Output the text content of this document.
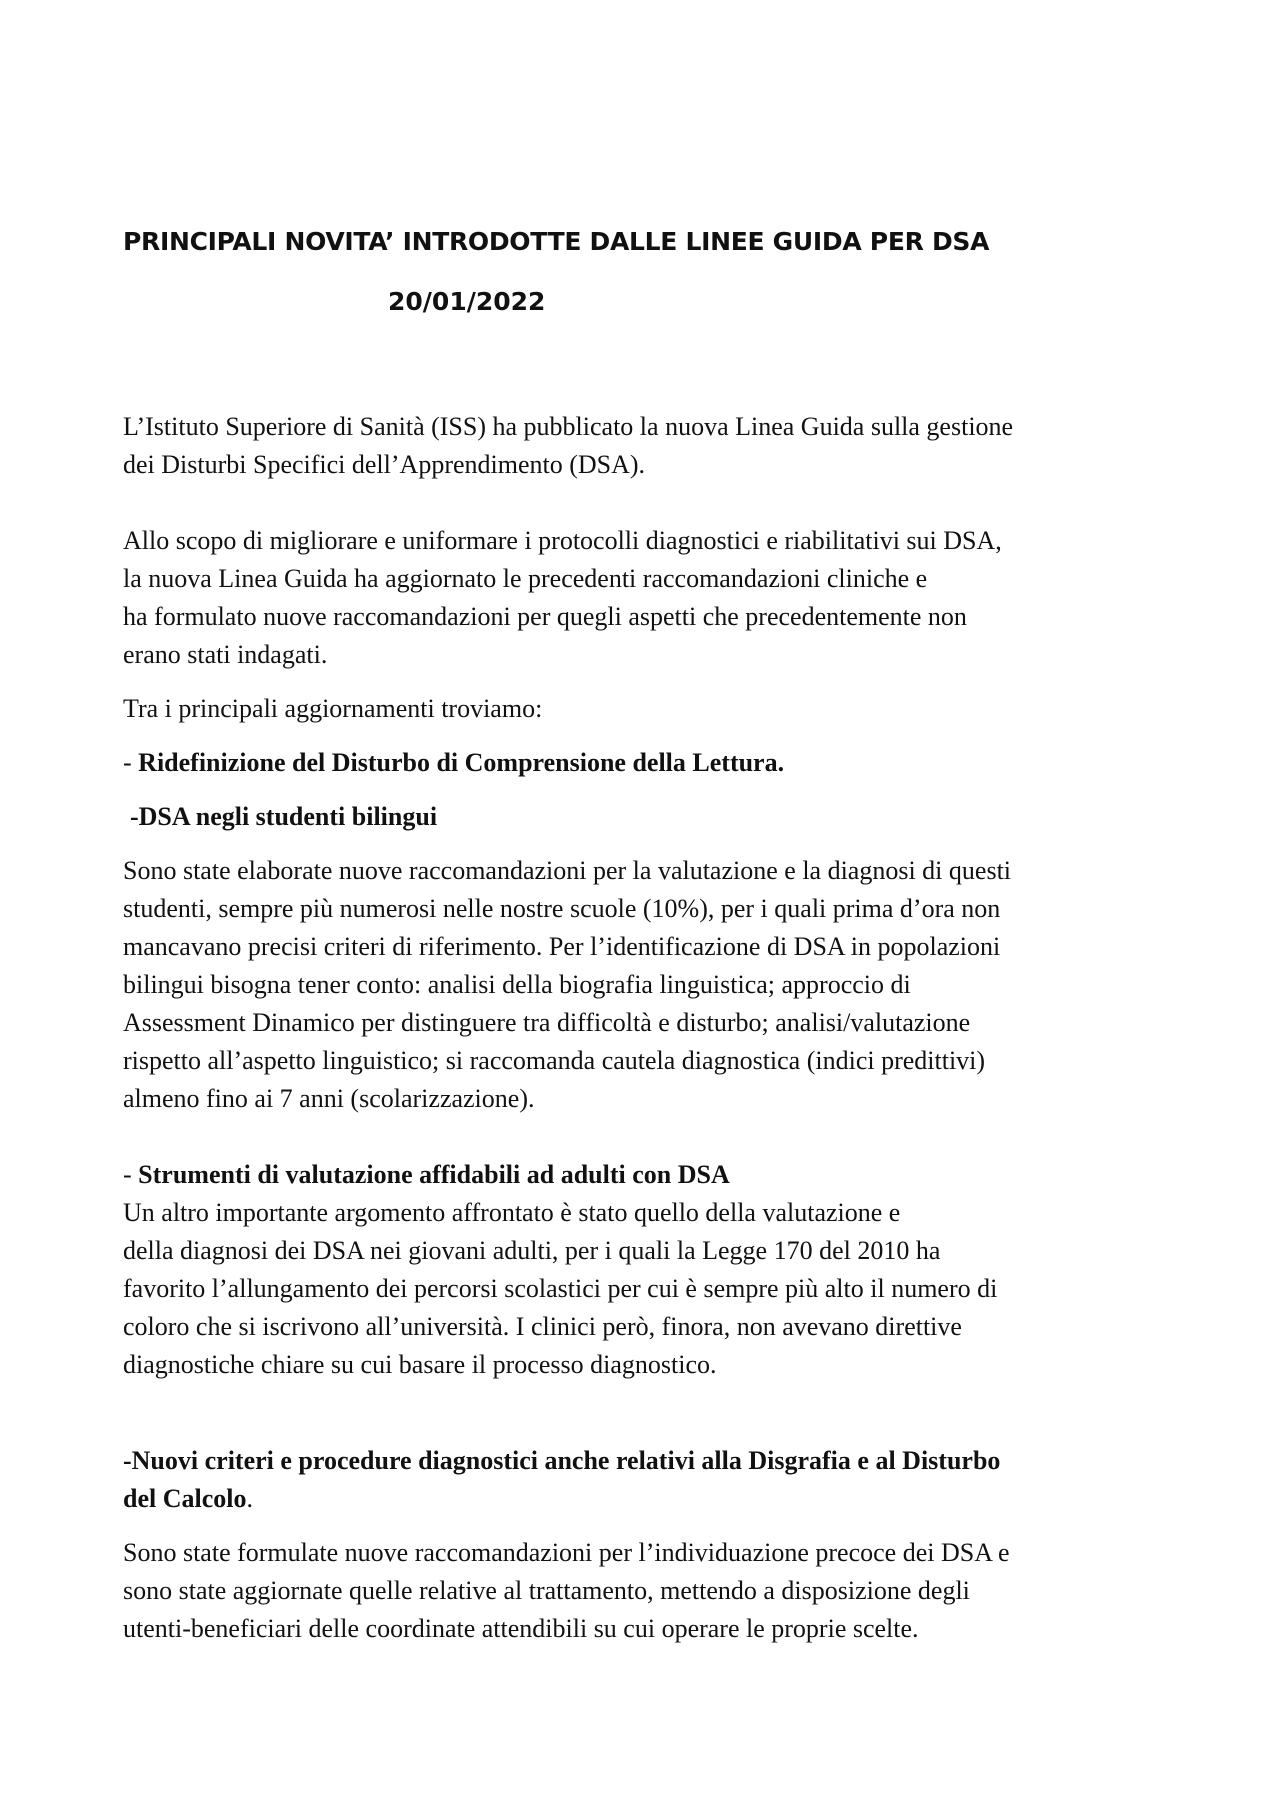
PRINCIPALI NOVITA’ INTRODOTTE DALLE LINEE GUIDA PER DSA
20/01/2022

L’Istituto Superiore di Sanità (ISS) ha pubblicato la nuova Linea Guida sulla gestione
dei Disturbi Specifici dell’Apprendimento (DSA).

Allo scopo di migliorare e uniformare i protocolli diagnostici e riabilitativi sui DSA,
la nuova Linea Guida ha aggiornato le precedenti raccomandazioni cliniche e
ha formulato nuove raccomandazioni per quegli aspetti che precedentemente non
erano stati indagati.

Tra i principali aggiornamenti troviamo:

- Ridefinizione del Disturbo di Comprensione della Lettura.

-DSA negli studenti bilingui

Sono state elaborate nuove raccomandazioni per la valutazione e la diagnosi di questi
studenti, sempre più numerosi nelle nostre scuole (10%), per i quali prima d’ora non
mancavano precisi criteri di riferimento. Per l’identificazione di DSA in popolazioni
bilingui bisogna tener conto: analisi della biografia linguistica; approccio di
Assessment Dinamico per distinguere tra difficoltà e disturbo; analisi/valutazione
rispetto all’aspetto linguistico; si raccomanda cautela diagnostica (indici predittivi)
almeno fino ai 7 anni (scolarizzazione).

- Strumenti di valutazione affidabili ad adulti con DSA
Un altro importante argomento affrontato è stato quello della valutazione e
della diagnosi dei DSA nei giovani adulti, per i quali la Legge 170 del 2010 ha
favorito l’allungamento dei percorsi scolastici per cui è sempre più alto il numero di
coloro che si iscrivono all’università. I clinici però, finora, non avevano direttive
diagnostiche chiare su cui basare il processo diagnostico.

-Nuovi criteri e procedure diagnostici anche relativi alla Disgrafia e al Disturbo
del Calcolo.

Sono state formulate nuove raccomandazioni per l’individuazione precoce dei DSA e
sono state aggiornate quelle relative al trattamento, mettendo a disposizione degli
utenti-beneficiari delle coordinate attendibili su cui operare le proprie scelte.
